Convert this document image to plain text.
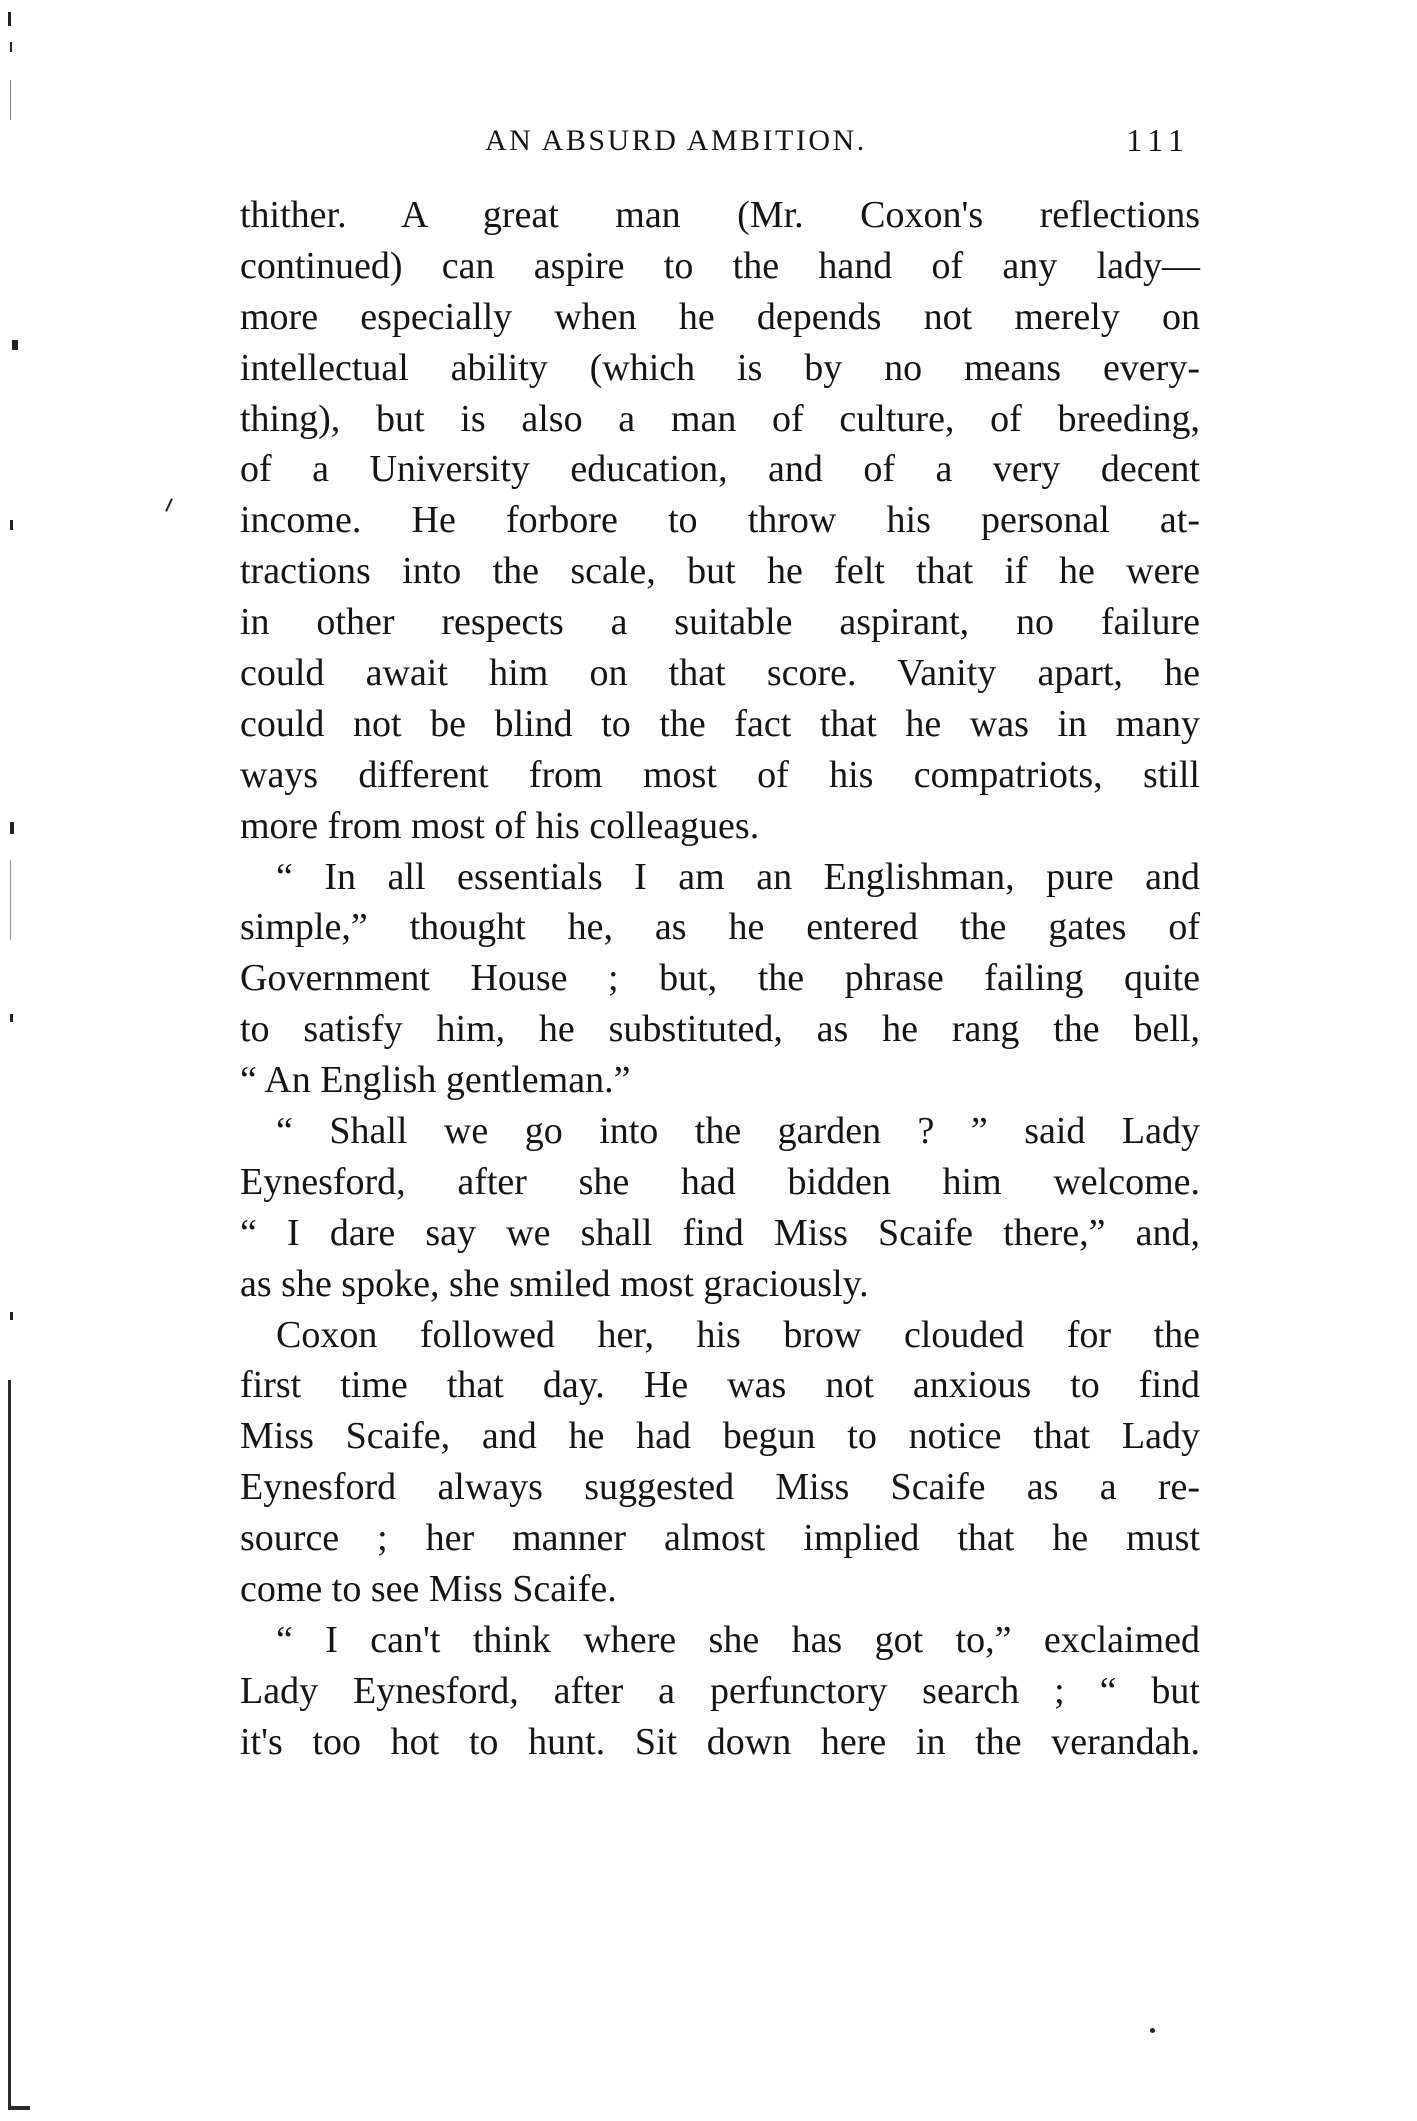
AN ABSURD AMBITION.	111
thither. A great man (Mr. Coxon's reflections
continued) can aspire to the hand of any lady—
more especially when he depends not merely on
intellectual ability (which is by no means every-
thing), but is also a man of culture, of breeding,
of a University education, and of a very decent
income. He forbore to throw his personal at-
tractions into the scale, but he felt that if he were
in other respects a suitable aspirant, no failure
could await him on that score. Vanity apart, he
could not be blind to the fact that he was in many
ways different from most of his compatriots, still
more from most of his colleagues.
“ In all essentials I am an Englishman, pure and
simple,” thought he, as he entered the gates of
Government House ; but, the phrase failing quite
to satisfy him, he substituted, as he rang the bell,
“ An English gentleman.”
“ Shall we go into the garden ? ” said Lady
Eynesford, after she had bidden him welcome.
“ I dare say we shall find Miss Scaife there,” and,
as she spoke, she smiled most graciously.
Coxon followed her, his brow clouded for the
first time that day. He was not anxious to find
Miss Scaife, and he had begun to notice that Lady
Eynesford always suggested Miss Scaife as a re-
source ; her manner almost implied that he must
come to see Miss Scaife.
“ I can't think where she has got to,” exclaimed
Lady Eynesford, after a perfunctory search ; “ but
it's too hot to hunt. Sit down here in the verandah.
